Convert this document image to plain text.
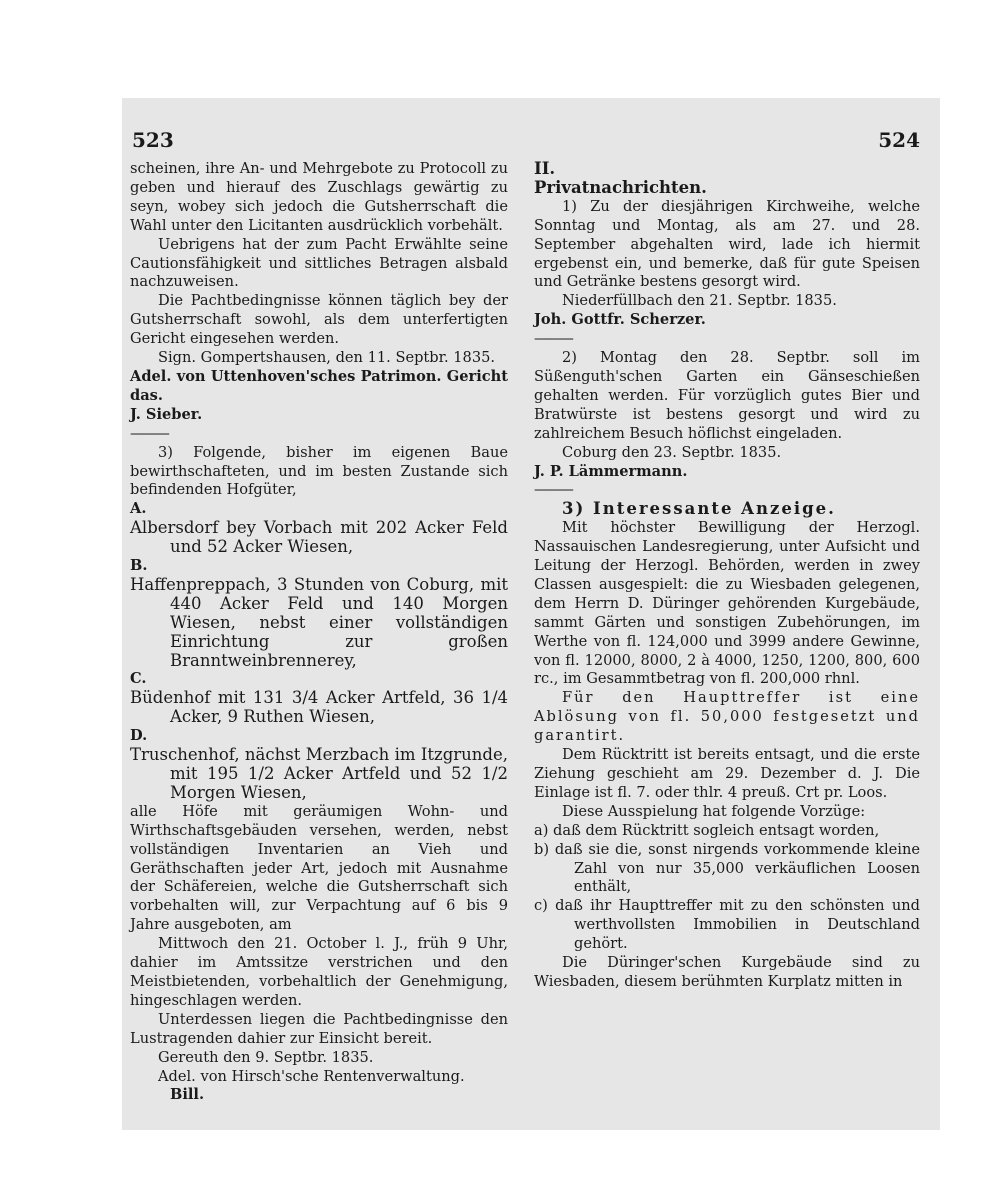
523	524

scheinen, ihre An- und Mehrgebote zu Protocoll zu geben und hierauf des Zuschlags gewärtig zu seyn, wobey sich jedoch die Gutsherrschaft die Wahl unter den Licitanten ausdrücklich vorbehält.

Uebrigens hat der zum Pacht Erwählte seine Cautionsfähigkeit und sittliches Betragen alsbald nachzuweisen.

Die Pachtbedingnisse können täglich bey der Gutsherrschaft sowohl, als dem unterfertigten Gericht eingesehen werden.

Sign. Gompertshausen, den 11. Septbr. 1835.

Adel. von Uttenhoven'sches Patrimon. Gericht das.

J. Sieber.

———

3) Folgende, bisher im eigenen Baue bewirthschafteten, und im besten Zustande sich befindenden Hofgüter,

A.

Albersdorf bey Vorbach mit 202 Acker Feld und 52 Acker Wiesen,

B.

Haffenpreppach, 3 Stunden von Coburg, mit 440 Acker Feld und 140 Morgen Wiesen, nebst einer vollständigen Einrichtung zur großen Branntweinbrennerey,

C.

Büdenhof mit 131 3/4 Acker Artfeld, 36 1/4 Acker, 9 Ruthen Wiesen,

D.

Truschenhof, nächst Merzbach im Itzgrunde, mit 195 1/2 Acker Artfeld und 52 1/2 Morgen Wiesen,

alle Höfe mit geräumigen Wohn- und Wirthschaftsgebäuden versehen, werden, nebst vollständigen Inventarien an Vieh und Geräthschaften jeder Art, jedoch mit Ausnahme der Schäfereien, welche die Gutsherrschaft sich vorbehalten will, zur Verpachtung auf 6 bis 9 Jahre ausgeboten, am

Mittwoch den 21. October l. J., früh 9 Uhr, dahier im Amtssitze verstrichen und den Meistbietenden, vorbehaltlich der Genehmigung, hingeschlagen werden.

Unterdessen liegen die Pachtbedingnisse den Lustragenden dahier zur Einsicht bereit.

Gereuth den 9. Septbr. 1835.

Adel. von Hirsch'sche Rentenverwaltung.

Bill.

II.

Privatnachrichten.

1) Zu der diesjährigen Kirchweihe, welche Sonntag und Montag, als am 27. und 28. September abgehalten wird, lade ich hiermit ergebenst ein, und bemerke, daß für gute Speisen und Getränke bestens gesorgt wird.

Niederfüllbach den 21. Septbr. 1835.

Joh. Gottfr. Scherzer.

———

2) Montag den 28. Septbr. soll im Süßenguth'schen Garten ein Gänseschießen gehalten werden. Für vorzüglich gutes Bier und Bratwürste ist bestens gesorgt und wird zu zahlreichem Besuch höflichst eingeladen.

Coburg den 23. Septbr. 1835.

J. P. Lämmermann.

———

3) Interessante Anzeige.

Mit höchster Bewilligung der Herzogl. Nassauischen Landesregierung, unter Aufsicht und Leitung der Herzogl. Behörden, werden in zwey Classen ausgespielt: die zu Wiesbaden gelegenen, dem Herrn D. Düringer gehörenden Kurgebäude, sammt Gärten und sonstigen Zubehörungen, im Werthe von fl. 124,000 und 3999 andere Gewinne, von fl. 12000, 8000, 2 à 4000, 1250, 1200, 800, 600 rc., im Gesammtbetrag von fl. 200,000 rhnl.

Für den Haupttreffer ist eine Ablösung von fl. 50,000 festgesetzt und garantirt.

Dem Rücktritt ist bereits entsagt, und die erste Ziehung geschieht am 29. Dezember d. J. Die Einlage ist fl. 7. oder thlr. 4 preuß. Crt pr. Loos.

Diese Ausspielung hat folgende Vorzüge:

a) daß dem Rücktritt sogleich entsagt worden,

b) daß sie die, sonst nirgends vorkommende kleine Zahl von nur 35,000 verkäuflichen Loosen enthält,

c) daß ihr Haupttreffer mit zu den schönsten und werthvollsten Immobilien in Deutschland gehört.

Die Düringer'schen Kurgebäude sind zu Wiesbaden, diesem berühmten Kurplatz mitten in
